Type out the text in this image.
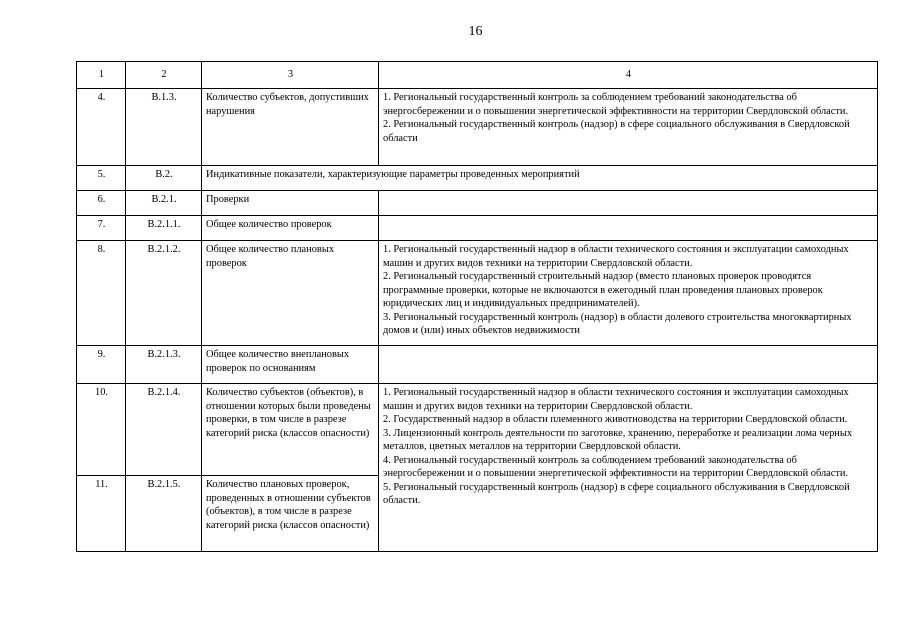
16
1	2	3	4
4.	В.1.3.	Количество субъектов, допустивших нарушения	1. Региональный государственный контроль за соблюдением требований законодательства об энергосбережении и о повышении энергетической эффективности на территории Свердловской области.
2. Региональный государственный контроль (надзор) в сфере социального обслуживания в Свердловской области
5.	В.2.	Индикативные показатели, характеризующие параметры проведенных мероприятий	
6.	В.2.1.	Проверки	
7.	В.2.1.1.	Общее количество проверок	
8.	В.2.1.2.	Общее количество плановых проверок	1. Региональный государственный надзор в области технического состояния и эксплуатации самоходных машин и других видов техники на территории Свердловской области.
2. Региональный государственный строительный надзор (вместо плановых проверок проводятся программные проверки, которые не включаются в ежегодный план проведения плановых проверок юридических лиц и индивидуальных предпринимателей).
3. Региональный государственный контроль (надзор) в области долевого строительства многоквартирных домов и (или) иных объектов недвижимости
9.	В.2.1.3.	Общее количество внеплановых проверок по основаниям	
10.	В.2.1.4.	Количество субъектов (объектов), в отношении которых были проведены проверки, в том числе в разрезе категорий риска (классов опасности)	1. Региональный государственный надзор в области технического состояния и эксплуатации самоходных машин и других видов техники на территории Свердловской области.
2. Государственный надзор в области племенного животноводства на территории Свердловской области.
3. Лицензионный контроль деятельности по заготовке, хранению, переработке и реализации лома черных металлов, цветных металлов на территории Свердловской области.
4. Региональный государственный контроль за соблюдением требований законодательства об энергосбережении и о повышении энергетической эффективности на территории Свердловской области.
5. Региональный государственный контроль (надзор) в сфере социального обслуживания в Свердловской области.
11.	В.2.1.5.	Количество плановых проверок, проведенных в отношении субъектов (объектов), в том числе в разрезе категорий риска (классов опасности)	
